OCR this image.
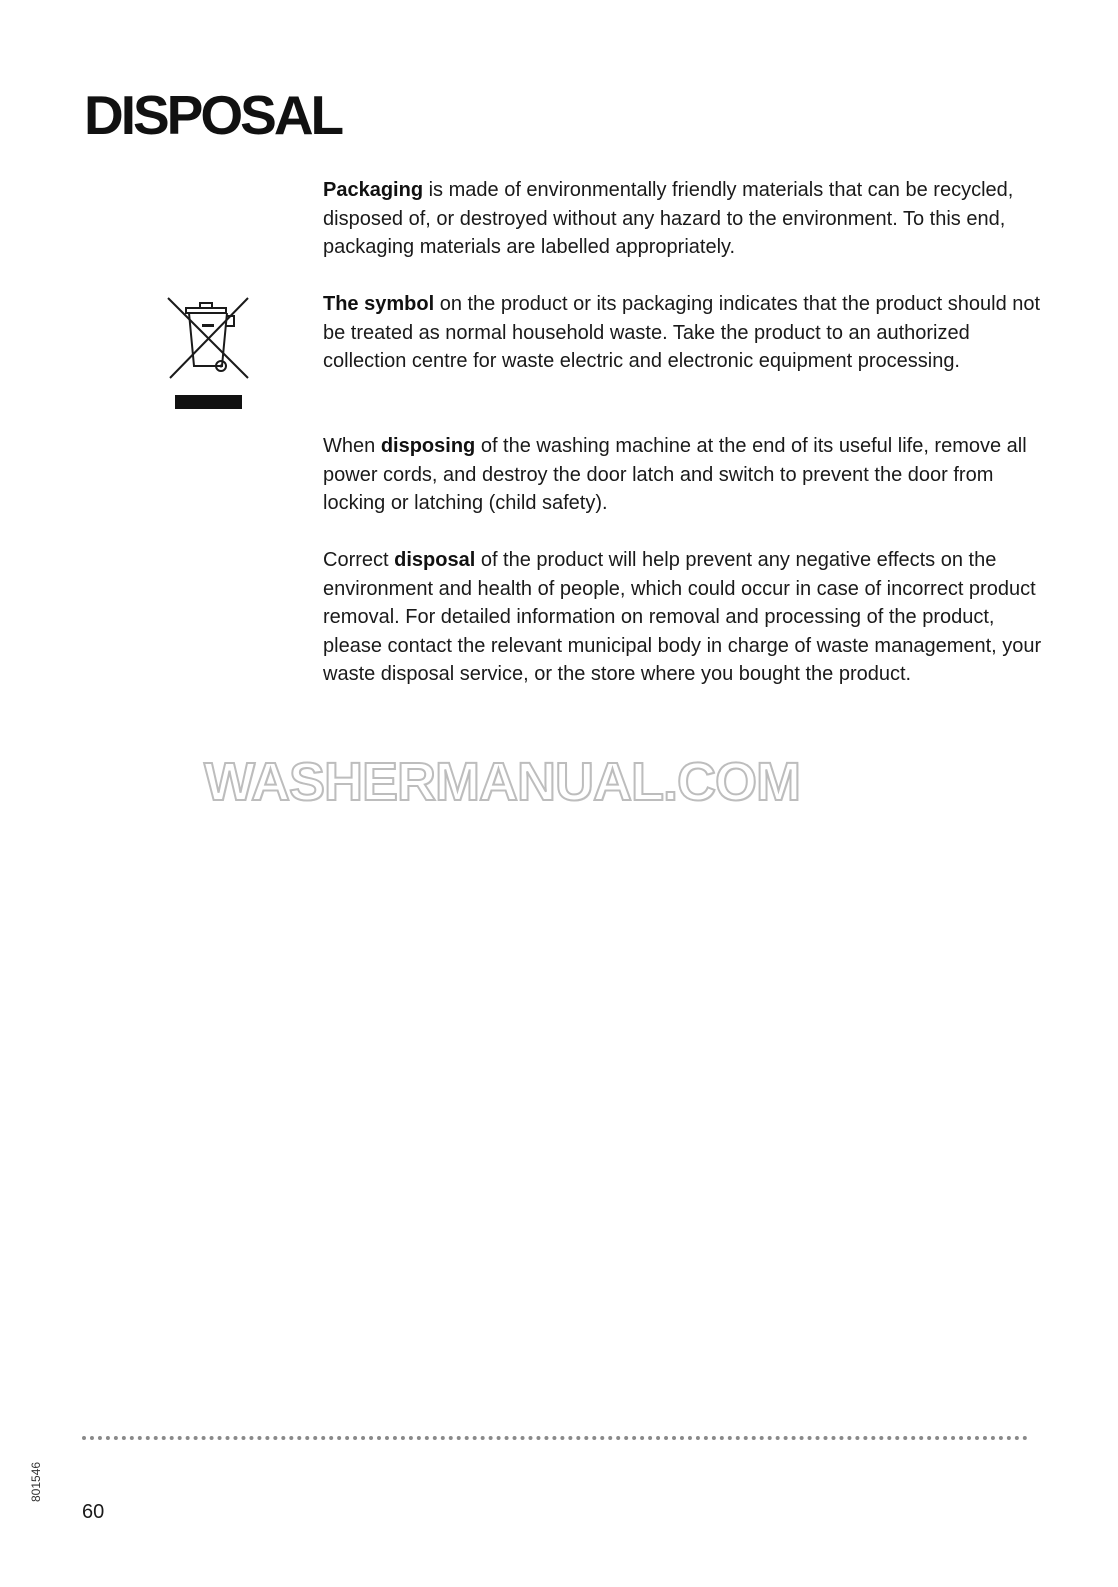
DISPOSAL

Packaging is made of environmentally friendly materials that can be recycled, disposed of, or destroyed without any hazard to the environment. To this end, packaging materials are labelled appropriately.

The symbol on the product or its packaging indicates that the product should not be treated as normal household waste. Take the product to an authorized collection centre for waste electric and electronic equipment processing.

When disposing of the washing machine at the end of its useful life, remove all power cords, and destroy the door latch and switch to prevent the door from locking or latching (child safety).

Correct disposal of the product will help prevent any negative effects on the environment and health of people, which could occur in case of incorrect product removal. For detailed information on removal and processing of the product, please contact the relevant municipal body in charge of waste management, your waste disposal service, or the store where you bought the product.

WASHERMANUAL.COM
801546
60
